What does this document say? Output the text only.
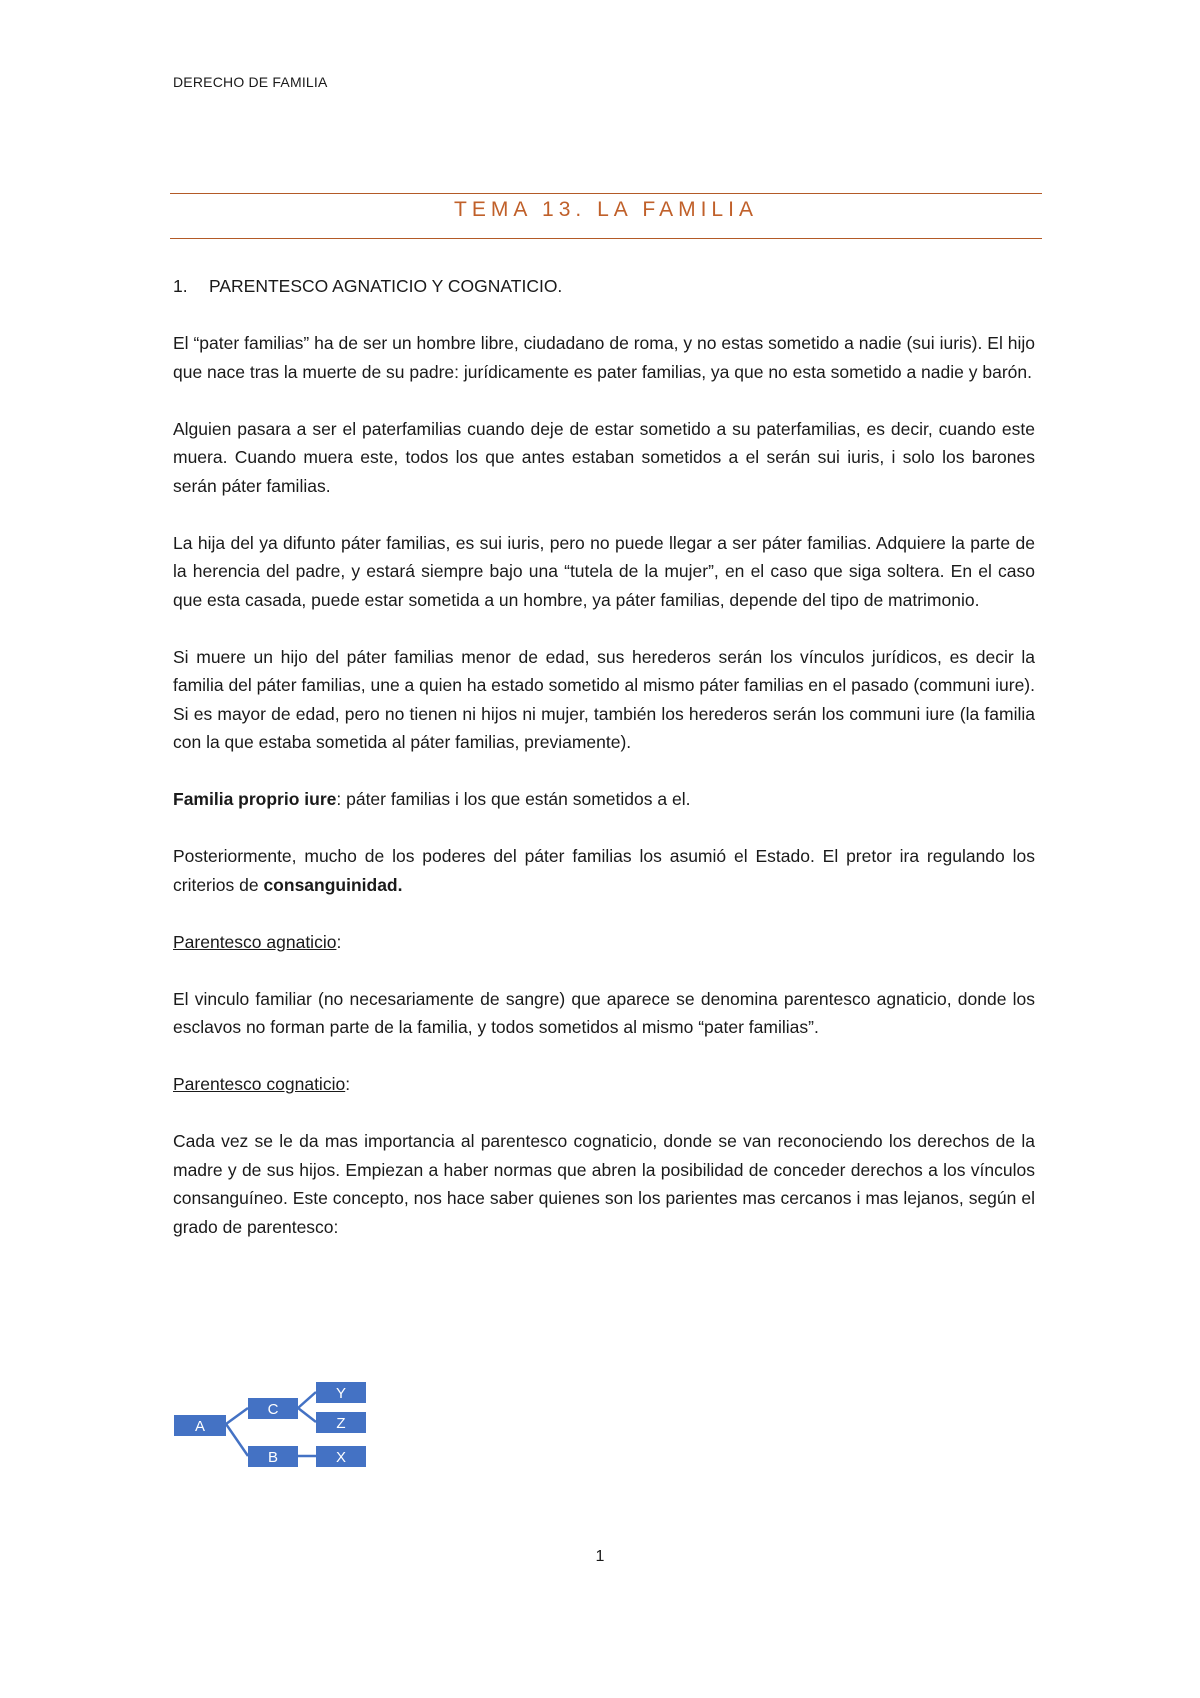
DERECHO DE FAMILIA
TEMA 13. LA FAMILIA

1. PARENTESCO AGNATICIO Y COGNATICIO.

El “pater familias” ha de ser un hombre libre, ciudadano de roma, y no estas sometido a nadie (sui iuris). El hijo que nace tras la muerte de su padre: jurídicamente es pater familias, ya que no esta sometido a nadie y barón.

Alguien pasara a ser el paterfamilias cuando deje de estar sometido a su paterfamilias, es decir, cuando este muera. Cuando muera este, todos los que antes estaban sometidos a el serán sui iuris, i solo los barones serán páter familias.

La hija del ya difunto páter familias, es sui iuris, pero no puede llegar a ser páter familias. Adquiere la parte de la herencia del padre, y estará siempre bajo una “tutela de la mujer”, en el caso que siga soltera. En el caso que esta casada, puede estar sometida a un hombre, ya páter familias, depende del tipo de matrimonio.

Si muere un hijo del páter familias menor de edad, sus herederos serán los vínculos jurídicos, es decir la familia del páter familias, une a quien ha estado sometido al mismo páter familias en el pasado (communi iure). Si es mayor de edad, pero no tienen ni hijos ni mujer, también los herederos serán los communi iure (la familia con la que estaba sometida al páter familias, previamente).

Familia proprio iure: páter familias i los que están sometidos a el.

Posteriormente, mucho de los poderes del páter familias los asumió el Estado. El pretor ira regulando los criterios de consanguinidad.

Parentesco agnaticio:

El vinculo familiar (no necesariamente de sangre) que aparece se denomina parentesco agnaticio, donde los esclavos no forman parte de la familia, y todos sometidos al mismo “pater familias”.

Parentesco cognaticio:

Cada vez se le da mas importancia al parentesco cognaticio, donde se van reconociendo los derechos de la madre y de sus hijos. Empiezan a haber normas que abren la posibilidad de conceder derechos a los vínculos consanguíneo. Este concepto, nos hace saber quienes son los parientes mas cercanos i mas lejanos, según el grado de parentesco:

A
C
B
Y
Z
X
1
